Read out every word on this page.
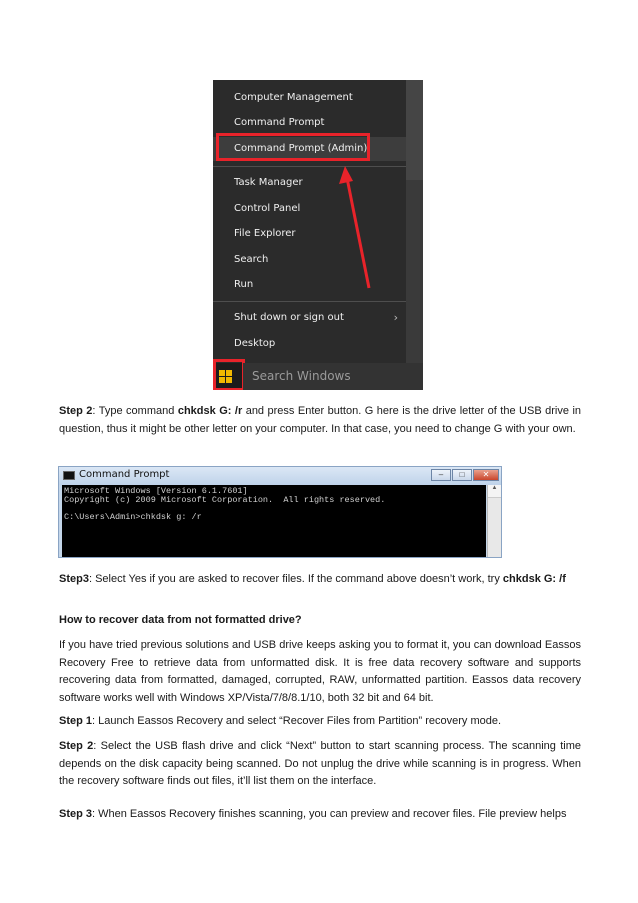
Computer Management
Command Prompt
Command Prompt (Admin)
Task Manager
Control Panel
File Explorer
Search
Run
Shut down or sign out	›
Desktop
Search Windows

Step 2: Type command chkdsk G: /r and press Enter button. G here is the drive letter of the USB drive in question, thus it might be other letter on your computer. In that case, you need to change G with your own.

Command Prompt	–	□	✕
Microsoft Windows [Version 6.1.7601]
Copyright (c) 2009 Microsoft Corporation.  All rights reserved.

C:\Users\Admin>chkdsk g: /r
▲

Step3: Select Yes if you are asked to recover files. If the command above doesn’t work, try chkdsk G: /f

How to recover data from not formatted drive?

If you have tried previous solutions and USB drive keeps asking you to format it, you can download Eassos Recovery Free to retrieve data from unformatted disk. It is free data recovery software and supports recovering data from formatted, damaged, corrupted, RAW, unformatted partition. Eassos data recovery software works well with Windows XP/Vista/7/8/8.1/10, both 32 bit and 64 bit.

Step 1: Launch Eassos Recovery and select “Recover Files from Partition” recovery mode.

Step 2: Select the USB flash drive and click “Next” button to start scanning process. The scanning time depends on the disk capacity being scanned. Do not unplug the drive while scanning is in progress. When the recovery software finds out files, it’ll list them on the interface.

Step 3: When Eassos Recovery finishes scanning, you can preview and recover files. File preview helps
